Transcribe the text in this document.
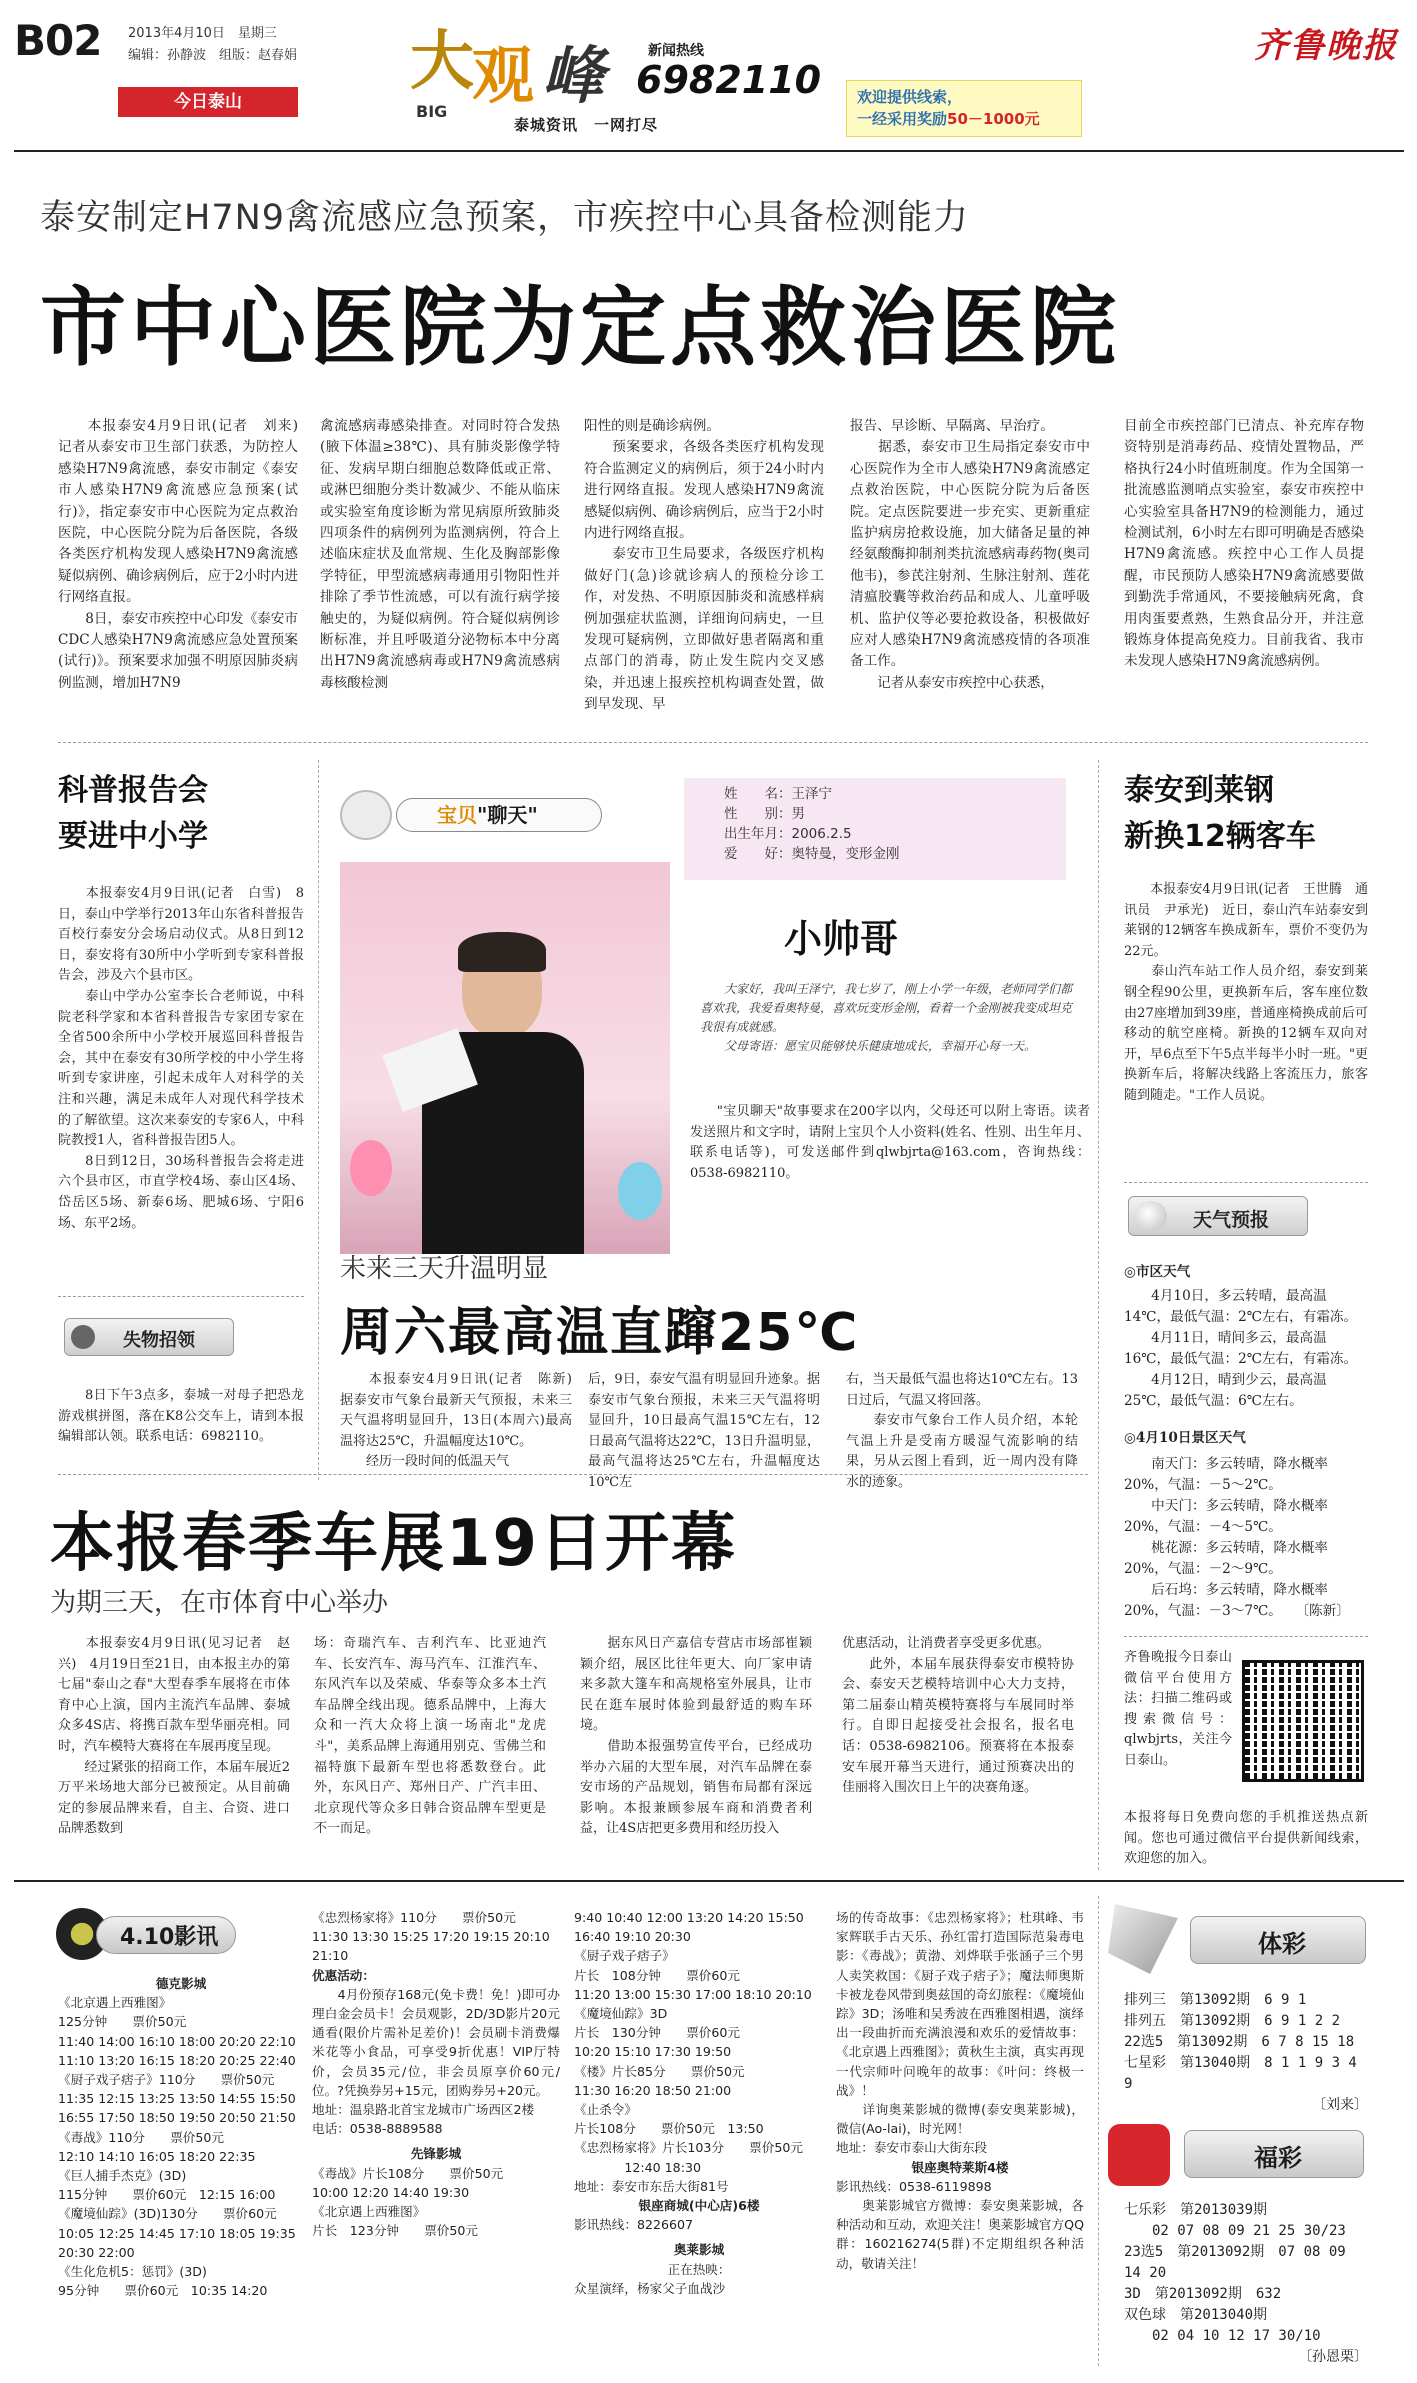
B02 2013年4月10日　 星期三
编辑：孙静波　 组版：赵春娟
今日泰山
大
BIG 观 峰	新闻热线
6982110
泰城资讯　一网打尽
欢迎提供线索，
一经采用奖励50－1000元
齐鲁晚报
泰安制定H7N9禽流感应急预案，市疾控中心具备检测能力
市中心医院为定点救治医院
　　本报泰安4月9日讯(记者　刘来)　记者从泰安市卫生部门获悉，为防控人感染H7N9禽流感，泰安市制定《泰安市人感染H7N9禽流感应急预案(试行)》，指定泰安市中心医院为定点救治医院，中心医院分院为后备医院，各级各类医疗机构发现人感染H7N9禽流感疑似病例、确诊病例后，应于2小时内进行网络直报。
　　8日，泰安市疾控中心印发《泰安市CDC人感染H7N9禽流感应急处置预案(试行)》。预案要求加强不明原因肺炎病例监测，增加H7N9
禽流感病毒感染排查。对同时符合发热(腋下体温≥38℃)、具有肺炎影像学特征、发病早期白细胞总数降低或正常、或淋巴细胞分类计数减少、不能从临床或实验室角度诊断为常见病原所致肺炎四项条件的病例列为监测病例，符合上述临床症状及血常规、生化及胸部影像学特征，甲型流感病毒通用引物阳性并排除了季节性流感，可以有流行病学接触史的，为疑似病例。符合疑似病例诊断标准，并且呼吸道分泌物标本中分离出H7N9禽流感病毒或H7N9禽流感病毒核酸检测
阳性的则是确诊病例。
　　预案要求，各级各类医疗机构发现符合监测定义的病例后，须于24小时内进行网络直报。发现人感染H7N9禽流感疑似病例、确诊病例后，应当于2小时内进行网络直报。
　　泰安市卫生局要求，各级医疗机构做好门(急)诊就诊病人的预检分诊工作，对发热、不明原因肺炎和流感样病例加强症状监测，详细询问病史，一旦发现可疑病例，立即做好患者隔离和重点部门的消毒，防止发生院内交叉感染，并迅速上报疾控机构调查处置，做到早发现、早
报告、早诊断、早隔离、早治疗。
　　据悉，泰安市卫生局指定泰安市中心医院作为全市人感染H7N9禽流感定点救治医院，中心医院分院为后备医院。定点医院要进一步充实、更新重症监护病房抢救设施，加大储备足量的神经氨酸酶抑制剂类抗流感病毒药物(奥司他韦)，参芪注射剂、生脉注射剂、莲花清瘟胶囊等救治药品和成人、儿童呼吸机、监护仪等必要抢救设备，积极做好应对人感染H7N9禽流感疫情的各项准备工作。
　　记者从泰安市疾控中心获悉，
目前全市疾控部门已清点、补充库存物资特别是消毒药品、疫情处置物品，严格执行24小时值班制度。作为全国第一批流感监测哨点实验室，泰安市疾控中心实验室具备H7N9的检测能力，通过检测试剂，6小时左右即可明确是否感染H7N9禽流感。疾控中心工作人员提醒，市民预防人感染H7N9禽流感要做到勤洗手常通风，不要接触病死禽，食用肉蛋要煮熟，生熟食品分开，并注意锻炼身体提高免疫力。目前我省、我市未发现人感染H7N9禽流感病例。
科普报告会
要进中小学
　　本报泰安4月9日讯(记者　白雪)　8日，泰山中学举行2013年山东省科普报告百校行泰安分会场启动仪式。从8日到12日，泰安将有30所中小学听到专家科普报告会，涉及六个县市区。
　　泰山中学办公室李长合老师说，中科院老科学家和本省科普报告专家团专家在全省500余所中小学校开展巡回科普报告会，其中在泰安有30所学校的中小学生将听到专家讲座，引起未成年人对科学的关注和兴趣，满足未成年人对现代科学技术的了解欲望。这次来泰安的专家6人，中科院教授1人，省科普报告团5人。
　　8日到12日，30场科普报告会将走进六个县市区，市直学校4场、泰山区4场、岱岳区5场、新泰6场、肥城6场、宁阳6场、东平2场。
失物招领
　　8日下午3点多，泰城一对母子把恐龙游戏棋拼图，落在K8公交车上，请到本报编辑部认领。联系电话：6982110。
宝贝"聊天"
姓　　名：王泽宁
性　　别：男
出生年月：2006.2.5
爱　　好：奥特曼，变形金刚
小帅哥
　　大家好，我叫王泽宁，我七岁了，刚上小学一年级，老师同学们都喜欢我，我爱看奥特曼，喜欢玩变形金刚，看着一个金刚被我变成坦克我很有成就感。
　　父母寄语：愿宝贝能够快乐健康地成长，幸福开心每一天。
　　"宝贝聊天"故事要求在200字以内，父母还可以附上寄语。读者发送照片和文字时，请附上宝贝个人小资料(姓名、性别、出生年月、联系电话等)，可发送邮件到qlwbjrta@163.com，咨询热线：0538-6982110。
未来三天升温明显
周六最高温直蹿25℃
　　本报泰安4月9日讯(记者　陈新)　据泰安市气象台最新天气预报，未来三天气温将明显回升，13日(本周六)最高温将达25℃，升温幅度达10℃。
　　经历一段时间的低温天气
后，9日，泰安气温有明显回升迹象。据泰安市气象台预报，未来三天气温将明显回升，10日最高气温15℃左右，12日最高气温将达22℃，13日升温明显，最高气温将达25℃左右，升温幅度达10℃左
右，当天最低气温也将达10℃左右。13日过后，气温又将回落。
　　泰安市气象台工作人员介绍，本轮气温上升是受南方暖湿气流影响的结果，另从云图上看到，近一周内没有降水的迹象。
泰安到莱钢
新换12辆客车
　　本报泰安4月9日讯(记者　王世腾　通讯员　尹承光)　近日，泰山汽车站泰安到莱钢的12辆客车换成新车，票价不变仍为22元。
　　泰山汽车站工作人员介绍，泰安到莱钢全程90公里，更换新车后，客车座位数由27座增加到39座，普通座椅换成前后可移动的航空座椅。新换的12辆车双向对开，早6点至下午5点半每半小时一班。"更换新车后，将解决线路上客流压力，旅客随到随走。"工作人员说。
天气预报
◎市区天气
　　4月10日，多云转晴，最高温14℃，最低气温：2℃左右，有霜冻。
　　4月11日，晴间多云，最高温16℃，最低气温：2℃左右，有霜冻。
　　4月12日，晴到少云，最高温25℃，最低气温：6℃左右。
◎4月10日景区天气
　　南天门：多云转晴，降水概率20%，气温：－5～2℃。
　　中天门：多云转晴，降水概率20%，气温：－4～5℃。
　　桃花源：多云转晴，降水概率20%，气温：－2～9℃。
　　后石坞：多云转晴，降水概率20%，气温：－3～7℃。　　〔陈新〕
齐鲁晚报今日泰山微信平台使用方法：扫描二维码或搜索微信号：qlwbjrts，关注今日泰山。
本报将每日免费向您的手机推送热点新闻。您也可通过微信平台提供新闻线索，欢迎您的加入。
本报春季车展19日开幕
为期三天，在市体育中心举办
　　本报泰安4月9日讯(见习记者　赵兴)　4月19日至21日，由本报主办的第七届"泰山之春"大型春季车展将在市体育中心上演，国内主流汽车品牌、泰城众多4S店、将携百款车型华丽亮相。同时，汽车模特大赛将在车展再度呈现。
　　经过紧张的招商工作，本届车展近2万平米场地大部分已被预定。从目前确定的参展品牌来看，自主、合资、进口品牌悉数到
场：奇瑞汽车、吉利汽车、比亚迪汽车、长安汽车、海马汽车、江淮汽车、东风汽车以及荣威、华泰等众多本土汽车品牌全线出现。德系品牌中，上海大众和一汽大众将上演一场南北"龙虎斗"，美系品牌上海通用别克、雪佛兰和福特旗下最新车型也将悉数登台。此外，东风日产、郑州日产、广汽丰田、北京现代等众多日韩合资品牌车型更是不一而足。
　　据东风日产嘉信专营店市场部崔颖颖介绍，展区比往年更大、向厂家申请来多款大篷车和高规格室外展具，让市民在逛车展时体验到最舒适的购车环境。
　　借助本报强势宣传平台，已经成功举办六届的大型车展，对汽车品牌在泰安市场的产品规划，销售布局都有深远影响。本报兼顾参展车商和消费者利益，让4S店把更多费用和经历投入
优惠活动，让消费者享受更多优惠。
　　此外，本届车展获得泰安市模特协会、泰安天艺模特培训中心大力支持，第二届泰山精英模特赛将与车展同时举行。自即日起接受社会报名，报名电话：0538-6982106。预赛将在本报泰安车展开幕当天进行，通过预赛决出的佳丽将入围次日上午的决赛角逐。
4.10影讯
德克影城
《北京遇上西雅图》
125分钟　　票价50元
11:40 14:00 16:10 18:00 20:20 22:10
11:10 13:20 16:15 18:20 20:25 22:40
《厨子戏子痞子》110分　　票价50元
11:35 12:15 13:25 13:50 14:55 15:50
16:55 17:50 18:50 19:50 20:50 21:50
《毒战》110分　　票价50元
12:10 14:10 16:05 18:20 22:35
《巨人捕手杰克》(3D)
115分钟　　票价60元　12:15 16:00
《魔境仙踪》(3D)130分　　票价60元
10:05 12:25 14:45 17:10 18:05 19:35
20:30 22:00
《生化危机5：惩罚》(3D)
95分钟　　票价60元　10:35 14:20
《忠烈杨家将》110分　　票价50元
11:30 13:30 15:25 17:20 19:15 20:10
21:10
优惠活动：
　　4月份预存168元(免卡费！免！)即可办理白金会员卡！会员观影，2D/3D影片20元通看(限价片需补足差价)！会员刷卡消费爆米花等小食品，可享受9折优惠！VIP厅特价，会员35元/位，非会员原享价60元/位。?凭换券另+15元，团购券另+20元。
地址：温泉路北首宝龙城市广场西区2楼
电话：0538-8889588
先锋影城
《毒战》片长108分　　票价50元
10:00 12:20 14:40 19:30
《北京遇上西雅图》
片长　123分钟　　票价50元
9:40 10:40 12:00 13:20 14:20 15:50
16:40 19:10 20:30
《厨子戏子痞子》
片长　108分钟　　票价60元
11:20 13:00 15:30 17:00 18:10 20:10
《魔境仙踪》3D
片长　130分钟　　票价60元
10:20 15:10 17:30 19:50
《楼》片长85分　　票价50元
11:30 16:20 18:50 21:00
《止杀令》
片长108分　　票价50元　13:50
《忠烈杨家将》片长103分　　票价50元
　　　　12:40 18:30
地址：泰安市东岳大街81号
银座商城(中心店)6楼
影讯热线：8226607
奥莱影城
正在热映：
众星演绎，杨家父子血战沙
场的传奇故事：《忠烈杨家将》；杜琪峰、韦家辉联手古天乐、孙红雷打造国际范枭毒电影：《毒战》；黄渤、刘烨联手张涵子三个男人卖笑救国：《厨子戏子痞子》；魔法师奥斯卡被龙卷风带到奥兹国的奇幻旅程：《魔境仙踪》3D；汤唯和吴秀波在西雅图相遇，演绎出一段曲折而充满浪漫和欢乐的爱情故事：《北京遇上西雅图》；黄秋生主演，真实再现一代宗师叶问晚年的故事：《叶问：终极一战》！
　　详询奥莱影城的微博(泰安奥莱影城)，微信(Ao-lai)，时光网！
地址：泰安市泰山大街东段
银座奥特莱斯4楼
影讯热线：0538-6119898
　　奥莱影城官方微博：泰安奥莱影城，各种活动和互动，欢迎关注！奥莱影城官方QQ群：160216274(5群)不定期组织各种活动，敬请关注！
体彩
排列三　第13092期　6 9 1
排列五　第13092期　6 9 1 2 2
22选5　第13092期　6 7 8 15 18
七星彩　第13040期　8 1 1 9 3 4 9
〔刘来〕
福彩
七乐彩　第2013039期
　　02 07 08 09 21 25 30/23
23选5　第2013092期　07 08 09 14 20
3D　第2013092期　632
双色球　第2013040期
　　02 04 10 12 17 30/10
〔孙恩栗〕
